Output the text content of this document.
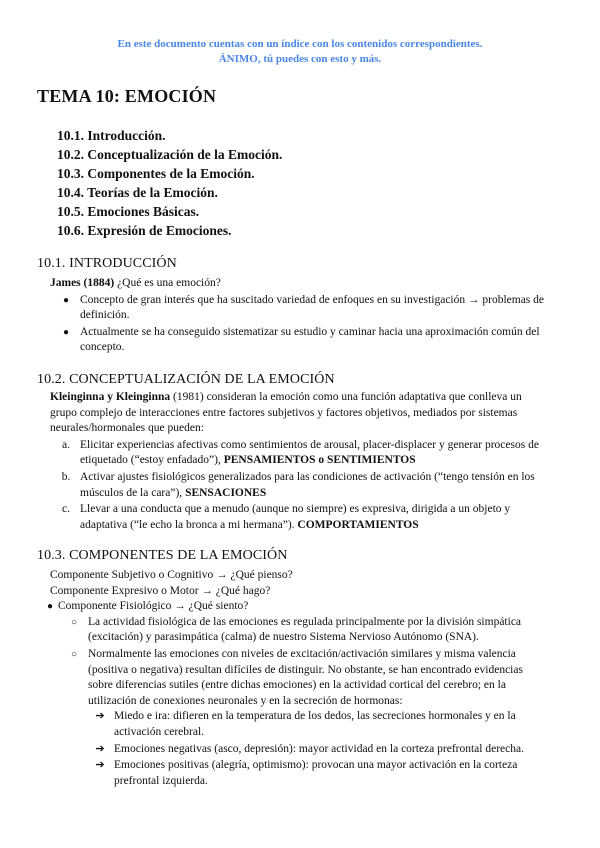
En este documento cuentas con un índice con los contenidos correspondientes.
ÁNIMO, tú puedes con esto y más.
TEMA 10: EMOCIÓN
10.1. Introducción.
10.2. Conceptualización de la Emoción.
10.3. Componentes de la Emoción.
10.4. Teorías de la Emoción.
10.5. Emociones Básicas.
10.6. Expresión de Emociones.
10.1. INTRODUCCIÓN

James (1884) ¿Qué es una emoción?

● Concepto de gran interés que ha suscitado variedad de enfoques en su investigación → problemas de definición.
● Actualmente se ha conseguido sistematizar su estudio y caminar hacia una aproximación común del concepto.
10.2. CONCEPTUALIZACIÓN DE LA EMOCIÓN

Kleinginna y Kleinginna (1981) consideran la emoción como una función adaptativa que conlleva un grupo complejo de interacciones entre factores subjetivos y factores objetivos, mediados por sistemas neurales/hormonales que pueden:

a. Elicitar experiencias afectivas como sentimientos de arousal, placer-displacer y generar procesos de etiquetado (“estoy enfadado”), PENSAMIENTOS o SENTIMIENTOS
b. Activar ajustes fisiológicos generalizados para las condiciones de activación (“tengo tensión en los músculos de la cara”), SENSACIONES
c. Llevar a una conducta que a menudo (aunque no siempre) es expresiva, dirigida a un objeto y adaptativa (“le echo la bronca a mi hermana”). COMPORTAMIENTOS
10.3. COMPONENTES DE LA EMOCIÓN

Componente Subjetivo o Cognitivo → ¿Qué pienso?

Componente Expresivo o Motor → ¿Qué hago?

● Componente Fisiológico → ¿Qué siento?
○ La actividad fisiológica de las emociones es regulada principalmente por la división simpática (excitación) y parasimpática (calma) de nuestro Sistema Nervioso Autónomo (SNA).
○ Normalmente las emociones con niveles de excitación/activación similares y misma valencia (positiva o negativa) resultan difíciles de distinguir. No obstante, se han encontrado evidencias sobre diferencias sutiles (entre dichas emociones) en la actividad cortical del cerebro; en la utilización de conexiones neuronales y en la secreción de hormonas:
➔ Miedo e ira: difieren en la temperatura de los dedos, las secreciones hormonales y en la activación cerebral.
➔ Emociones negativas (asco, depresión): mayor actividad en la corteza prefrontal derecha.
➔ Emociones positivas (alegría, optimismo): provocan una mayor activación en la corteza prefrontal izquierda.
